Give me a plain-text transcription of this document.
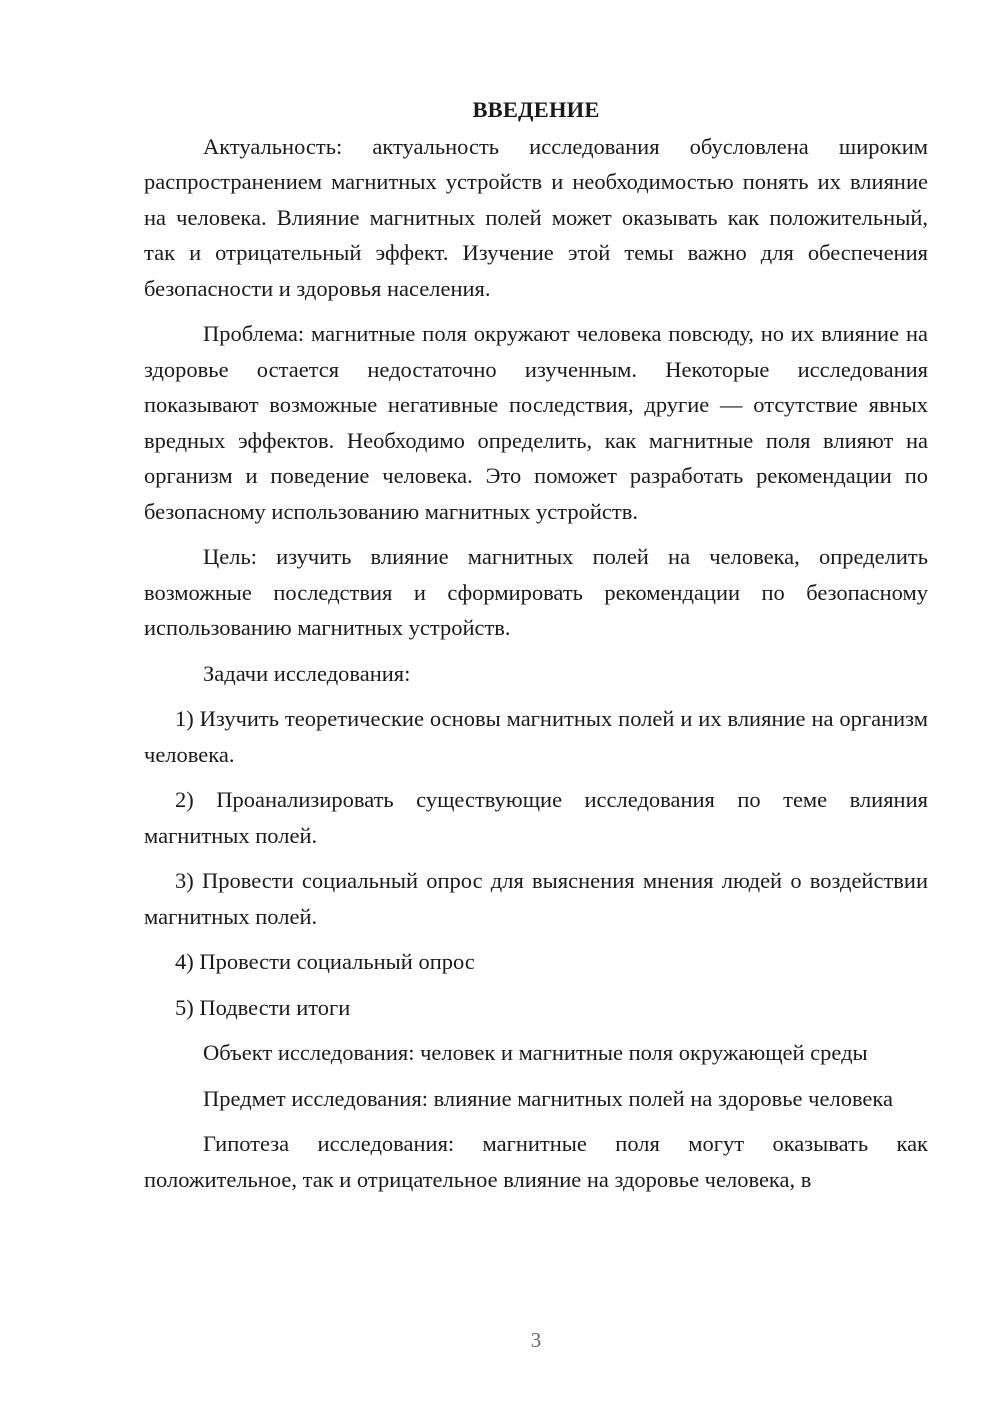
ВВЕДЕНИЕ

Актуальность: актуальность исследования обусловлена широким распространением магнитных устройств и необходимостью понять их влияние на человека. Влияние магнитных полей может оказывать как положительный, так и отрицательный эффект. Изучение этой темы важно для обеспечения безопасности и здоровья населения.

Проблема: магнитные поля окружают человека повсюду, но их влияние на здоровье остается недостаточно изученным. Некоторые исследования показывают возможные негативные последствия, другие — отсутствие явных вредных эффектов. Необходимо определить, как магнитные поля влияют на организм и поведение человека. Это поможет разработать рекомендации по безопасному использованию магнитных устройств.

Цель: изучить влияние магнитных полей на человека, определить возможные последствия и сформировать рекомендации по безопасному использованию магнитных устройств.

Задачи исследования:

1) Изучить теоретические основы магнитных полей и их влияние на организм человека.

2) Проанализировать существующие исследования по теме влияния магнитных полей.

3) Провести социальный опрос для выяснения мнения людей о воздействии магнитных полей.

4) Провести социальный опрос

5) Подвести итоги

Объект исследования: человек и магнитные поля окружающей среды

Предмет исследования: влияние магнитных полей на здоровье человека

Гипотеза исследования: магнитные поля могут оказывать как положительное, так и отрицательное влияние на здоровье человека, в

3
